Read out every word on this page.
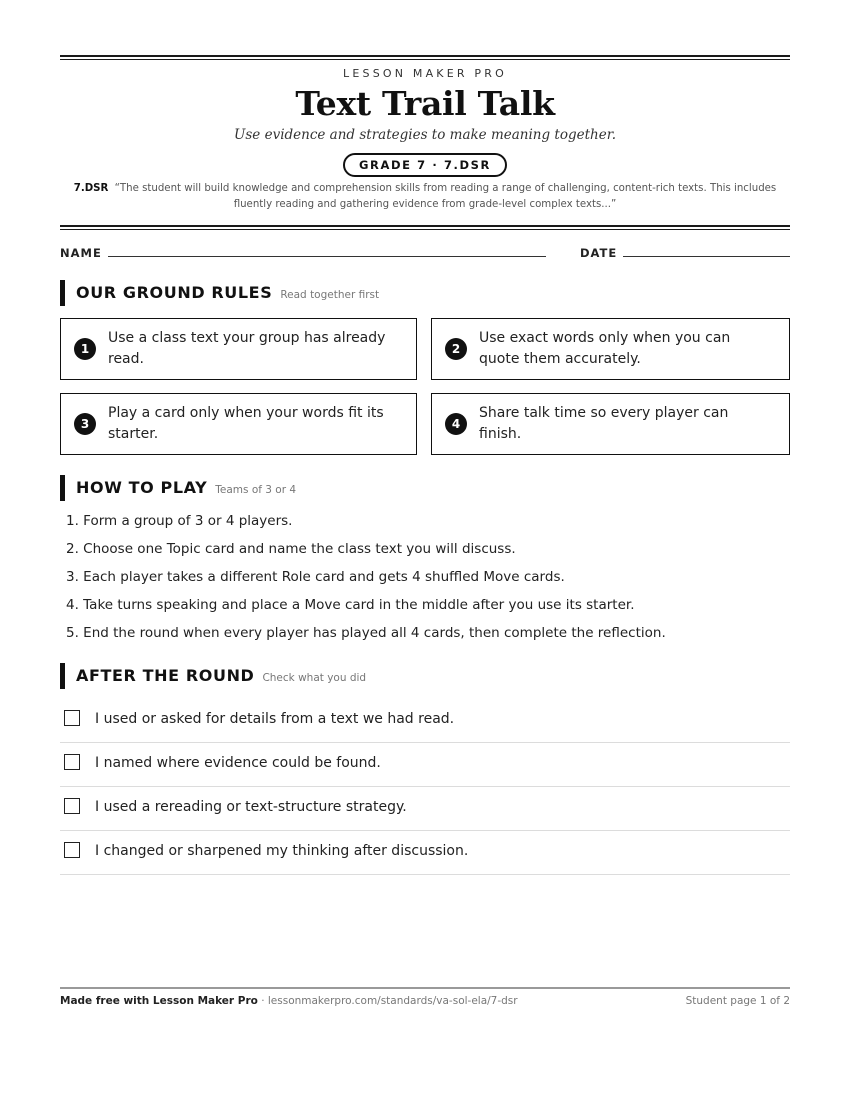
LESSON MAKER PRO
Text Trail Talk
Use evidence and strategies to make meaning together.
GRADE 7 · 7.DSR
7.DSR “The student will build knowledge and comprehension skills from reading a range of challenging, content-rich texts. This includes fluently reading and gathering evidence from grade-level complex texts...”
NAME	DATE
OUR GROUND RULES Read together first
1
Use a class text your group has already read.
2
Use exact words only when you can quote them accurately.
3
Play a card only when your words fit its starter.
4
Share talk time so every player can finish.
HOW TO PLAY Teams of 3 or 4
1. Form a group of 3 or 4 players.
2. Choose one Topic card and name the class text you will discuss.
3. Each player takes a different Role card and gets 4 shuffled Move cards.
4. Take turns speaking and place a Move card in the middle after you use its starter.
5. End the round when every player has played all 4 cards, then complete the reflection.
AFTER THE ROUND Check what you did
I used or asked for details from a text we had read.
I named where evidence could be found.
I used a rereading or text-structure strategy.
I changed or sharpened my thinking after discussion.
Made free with Lesson Maker Pro · lessonmakerpro.com/standards/va-sol-ela/7-dsr	Student page 1 of 2
